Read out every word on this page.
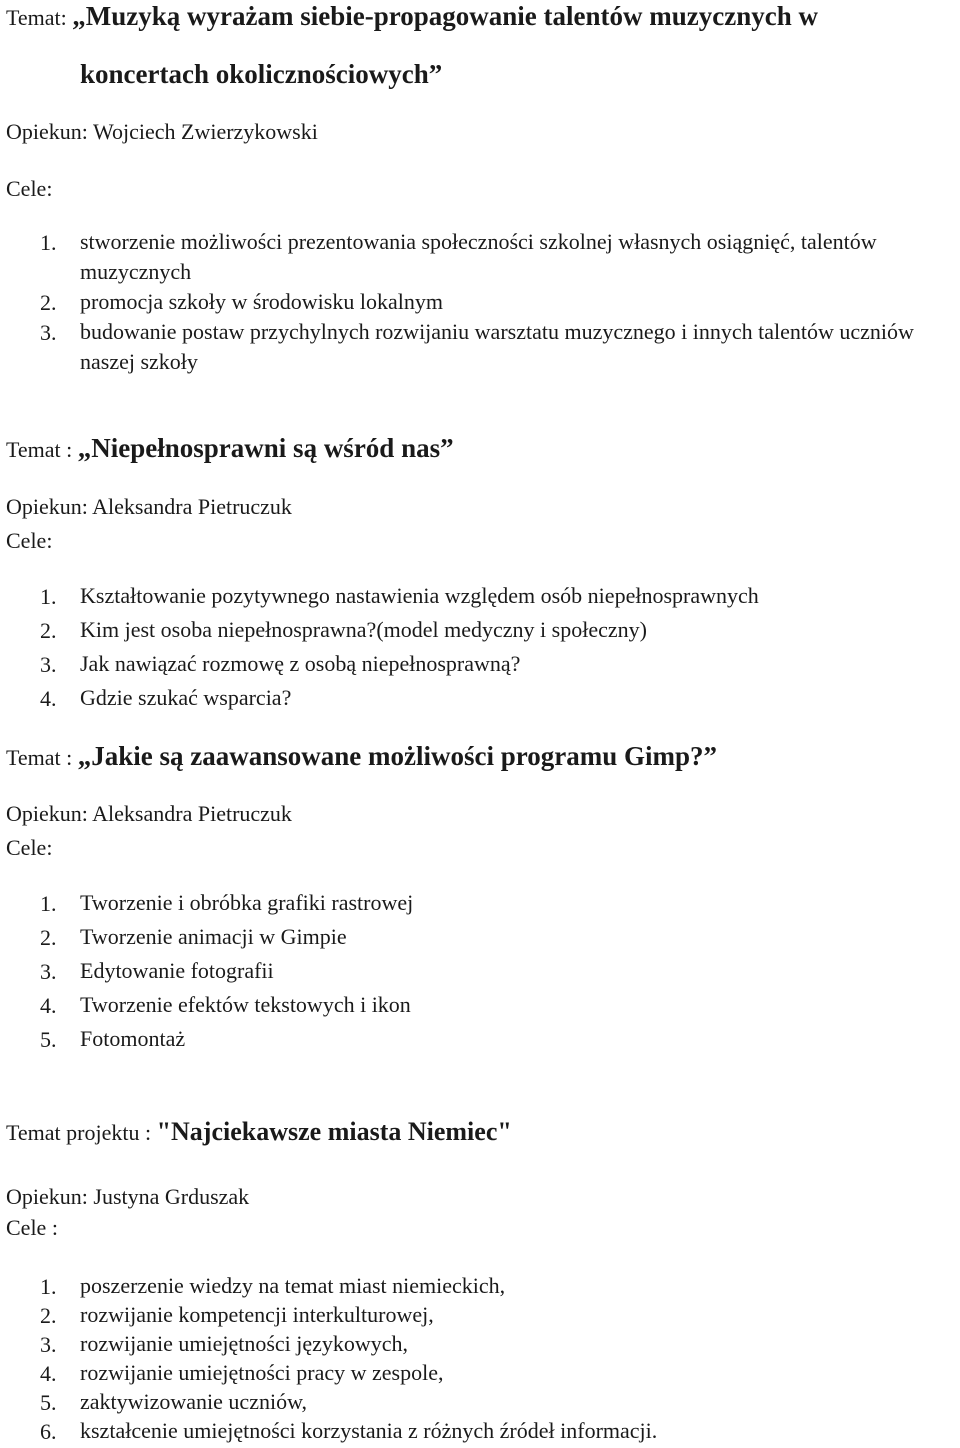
Temat: „Muzyką wyrażam siebie-propagowanie talentów muzycznych w
koncertach okolicznościowych”
Opiekun: Wojciech Zwierzykowski
Cele:
1. stworzenie możliwości prezentowania społeczności szkolnej własnych osiągnięć, talentów muzycznych
2. promocja szkoły w środowisku lokalnym
3. budowanie postaw przychylnych rozwijaniu warsztatu muzycznego i innych talentów uczniów naszej szkoły
Temat : „Niepełnosprawni są wśród nas”
Opiekun: Aleksandra Pietruczuk
Cele:
1. Kształtowanie pozytywnego nastawienia względem osób niepełnosprawnych
2. Kim jest osoba niepełnosprawna?(model medyczny i społeczny)
3. Jak nawiązać rozmowę z osobą niepełnosprawną?
4. Gdzie szukać wsparcia?
Temat : „Jakie są zaawansowane możliwości programu Gimp?”
Opiekun: Aleksandra Pietruczuk
Cele:
1. Tworzenie i obróbka grafiki rastrowej
2. Tworzenie animacji w Gimpie
3. Edytowanie fotografii
4. Tworzenie efektów tekstowych i ikon
5. Fotomontaż
Temat projektu : "Najciekawsze miasta Niemiec"
Opiekun: Justyna Grduszak
Cele :
1. poszerzenie wiedzy na temat miast niemieckich,
2. rozwijanie kompetencji interkulturowej,
3. rozwijanie umiejętności językowych,
4. rozwijanie umiejętności pracy w zespole,
5. zaktywizowanie uczniów,
6. kształcenie umiejętności korzystania z różnych źródeł informacji.
